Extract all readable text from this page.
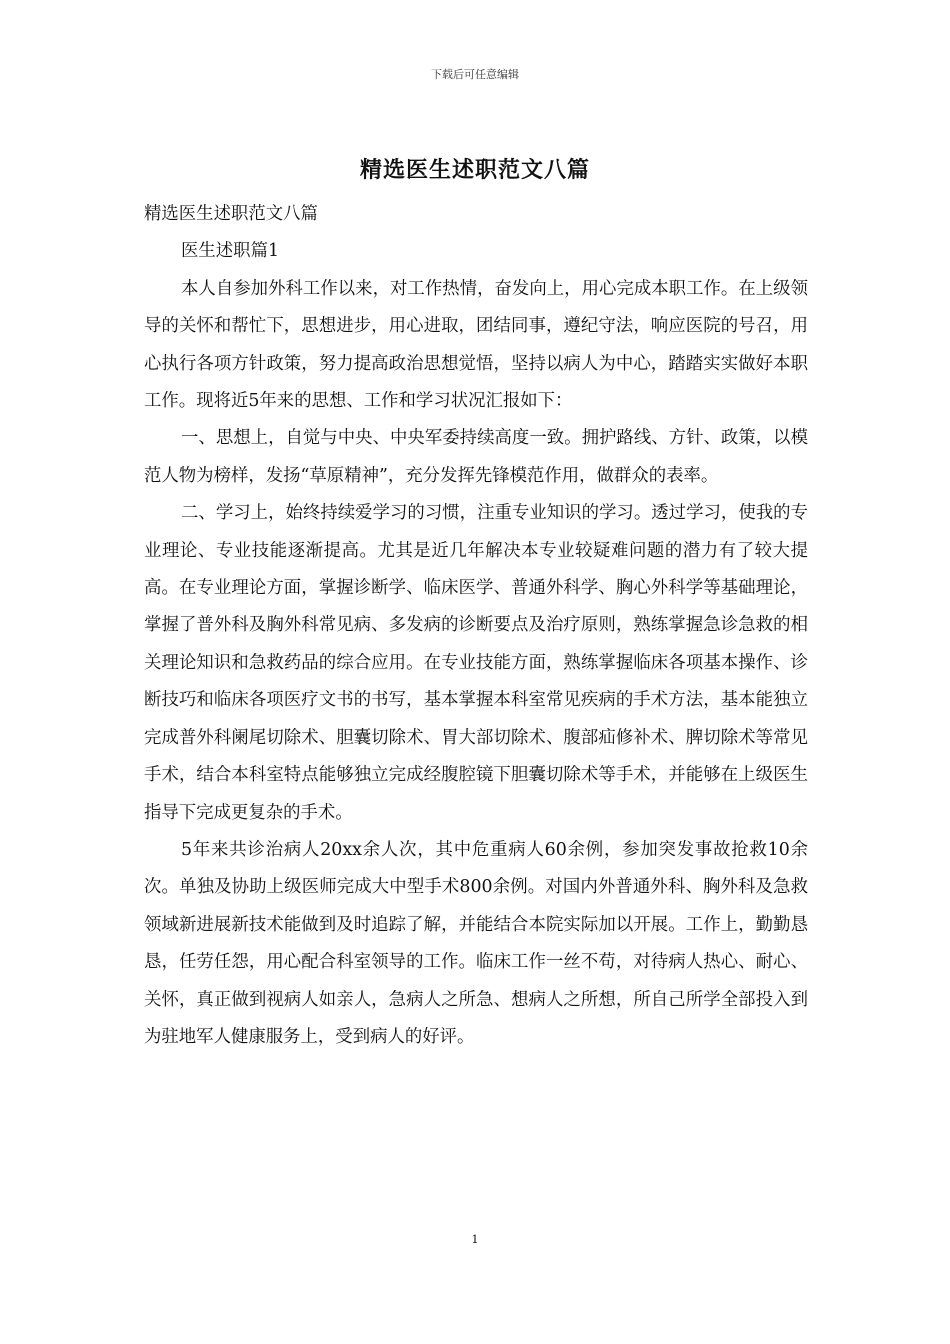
下载后可任意编辑
精选医生述职范文八篇

精选医生述职范文八篇

医生述职篇1

本人自参加外科工作以来，对工作热情，奋发向上，用心完成本职工作。在上级领导的关怀和帮忙下，思想进步，用心进取，团结同事，遵纪守法，响应医院的号召，用心执行各项方针政策，努力提高政治思想觉悟，坚持以病人为中心，踏踏实实做好本职工作。现将近5年来的思想、工作和学习状况汇报如下：

一、思想上，自觉与中央、中央军委持续高度一致。拥护路线、方针、政策，以模范人物为榜样，发扬“草原精神”，充分发挥先锋模范作用，做群众的表率。

二、学习上，始终持续爱学习的习惯，注重专业知识的学习。透过学习，使我的专业理论、专业技能逐渐提高。尤其是近几年解决本专业较疑难问题的潜力有了较大提高。在专业理论方面，掌握诊断学、临床医学、普通外科学、胸心外科学等基础理论，掌握了普外科及胸外科常见病、多发病的诊断要点及治疗原则，熟练掌握急诊急救的相关理论知识和急救药品的综合应用。在专业技能方面，熟练掌握临床各项基本操作、诊断技巧和临床各项医疗文书的书写，基本掌握本科室常见疾病的手术方法，基本能独立完成普外科阑尾切除术、胆囊切除术、胃大部切除术、腹部疝修补术、脾切除术等常见手术，结合本科室特点能够独立完成经腹腔镜下胆囊切除术等手术，并能够在上级医生指导下完成更复杂的手术。

5年来共诊治病人20xx余人次，其中危重病人60余例，参加突发事故抢救10余次。单独及协助上级医师完成大中型手术800余例。对国内外普通外科、胸外科及急救领域新进展新技术能做到及时追踪了解，并能结合本院实际加以开展。工作上，勤勤恳恳，任劳任怨，用心配合科室领导的工作。临床工作一丝不苟，对待病人热心、耐心、关怀，真正做到视病人如亲人，急病人之所急、想病人之所想，所自己所学全部投入到为驻地军人健康服务上，受到病人的好评。

1
